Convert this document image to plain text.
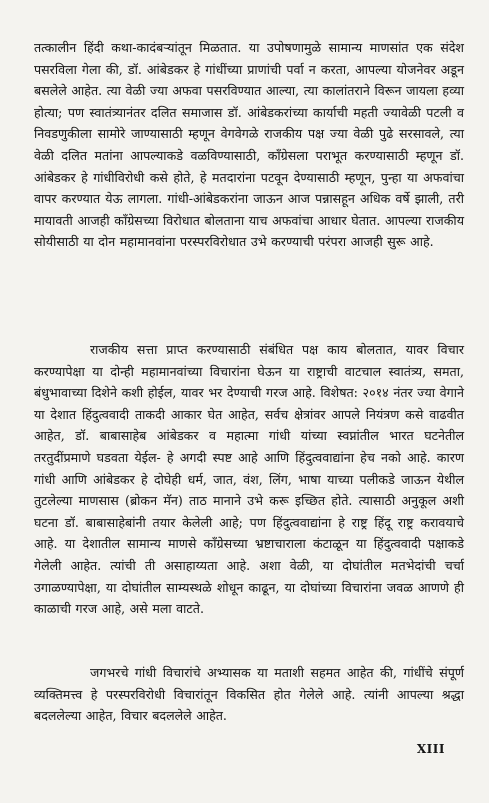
तत्कालीन हिंदी कथा-कादंबऱ्यांतून मिळतात. या उपोषणामुळे सामान्य माणसांत एक संदेश पसरविला गेला की, डॉ. आंबेडकर हे गांधींच्या प्राणांची पर्वा न करता, आपल्या योजनेवर अडून बसलेले आहेत. त्या वेळी ज्या अफवा पसरविण्यात आल्या, त्या कालांतराने विरून जायला हव्या होत्या; पण स्वातंत्र्यानंतर दलित समाजास डॉ. आंबेडकरांच्या कार्याची महती ज्यावेळी पटली व निवडणुकीला सामोरे जाण्यासाठी म्हणून वेगवेगळे राजकीय पक्ष ज्या वेळी पुढे सरसावले, त्या वेळी दलित मतांना आपल्याकडे वळविण्यासाठी, कॉंग्रेसला पराभूत करण्यासाठी म्हणून डॉ. आंबेडकर हे गांधीविरोधी कसे होते, हे मतदारांना पटवून देण्यासाठी म्हणून, पुन्हा या अफवांचा वापर करण्यात येऊ लागला. गांधी-आंबेडकरांना जाऊन आज पन्नासहून अधिक वर्षे झाली, तरी मायावती आजही कॉंग्रेसच्या विरोधात बोलताना याच अफवांचा आधार घेतात. आपल्या राजकीय सोयीसाठी या दोन महामानवांना परस्परविरोधात उभे करण्याची परंपरा आजही सुरू आहे.

राजकीय सत्ता प्राप्त करण्यासाठी संबंधित पक्ष काय बोलतात, यावर विचार करण्यापेक्षा या दोन्ही महामानवांच्या विचारांना घेऊन या राष्ट्राची वाटचाल स्वातंत्र्य, समता, बंधुभावाच्या दिशेने कशी होईल, यावर भर देण्याची गरज आहे. विशेषत: २०१४ नंतर ज्या वेगाने या देशात हिंदुत्ववादी ताकदी आकार घेत आहेत, सर्वच क्षेत्रांवर आपले नियंत्रण कसे वाढवीत आहेत, डॉ. बाबासाहेब आंबेडकर व महात्मा गांधी यांच्या स्वप्नांतील भारत घटनेतील तरतुदींप्रमाणे घडवता येईल- हे अगदी स्पष्ट आहे आणि हिंदुत्ववाद्यांना हेच नको आहे. कारण गांधी आणि आंबेडकर हे दोघेही धर्म, जात, वंश, लिंग, भाषा याच्या पलीकडे जाऊन येथील तुटलेल्या माणसास (ब्रोकन मॅन) ताठ मानाने उभे करू इच्छित होते. त्यासाठी अनुकूल अशी घटना डॉ. बाबासाहेबांनी तयार केलेली आहे; पण हिंदुत्ववाद्यांना हे राष्ट्र हिंदू राष्ट्र करावयाचे आहे. या देशातील सामान्य माणसे कॉंग्रेसच्या भ्रष्टाचाराला कंटाळून या हिंदुत्ववादी पक्षाकडे गेलेली आहेत. त्यांची ती असाहाय्यता आहे. अशा वेळी, या दोघांतील मतभेदांची चर्चा उगाळण्यापेक्षा, या दोघांतील साम्यस्थळे शोधून काढून, या दोघांच्या विचारांना जवळ आणणे ही काळाची गरज आहे, असे मला वाटते.

जगभरचे गांधी विचारांचे अभ्यासक या मताशी सहमत आहेत की, गांधींचे संपूर्ण व्यक्तिमत्त्व हे परस्परविरोधी विचारांतून विकसित होत गेलेले आहे. त्यांनी आपल्या श्रद्धा बदललेल्या आहेत, विचार बदललेले आहेत.

XIII
